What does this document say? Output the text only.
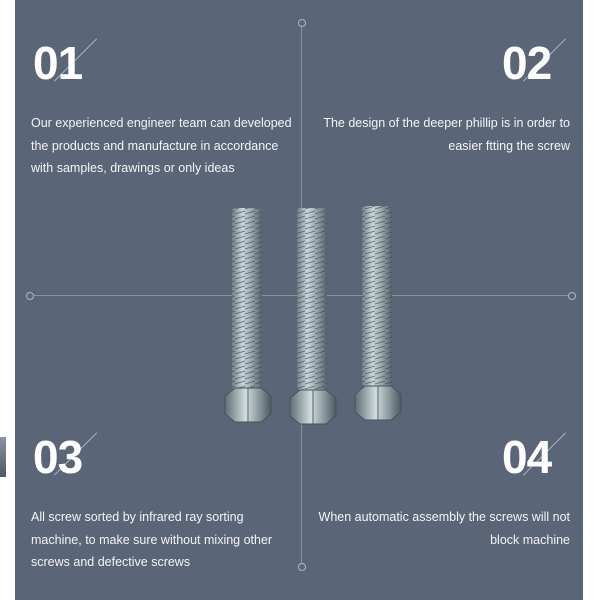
01
Our experienced engineer team can developed
the products and manufacture in accordance
with samples, drawings or only ideas
02
The design of the deeper phillip is in order to
easier ftting the screw
03
All screw sorted by infrared ray sorting
machine, to make sure without mixing other
screws and defective screws
04
When automatic assembly the screws will not
block machine
